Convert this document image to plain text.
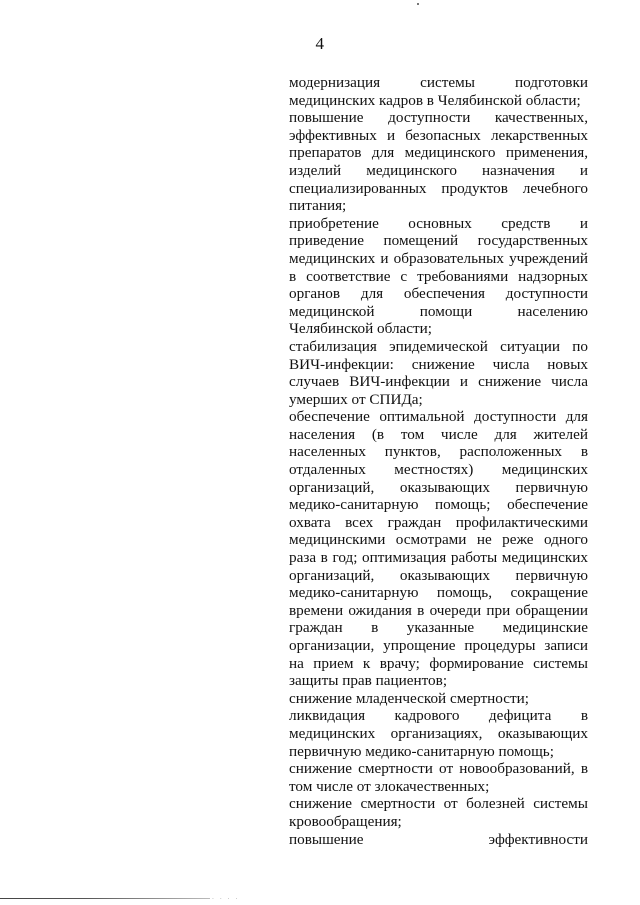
4

модернизация системы подготовки медицинских кадров в Челябинской области;

повышение доступности качественных, эффективных и безопасных лекарственных препаратов для медицинского применения, изделий медицинского назначения и специализированных продуктов лечебного питания;

приобретение основных средств и приведение помещений государственных медицинских и образовательных учреждений в соответствие с требованиями надзорных органов для обеспечения доступности медицинской помощи населению Челябинской области;

стабилизация эпидемической ситуации по ВИЧ-инфекции: снижение числа новых случаев ВИЧ-инфекции и снижение числа умерших от СПИДа;

обеспечение оптимальной доступности для населения (в том числе для жителей населенных пунктов, расположенных в отдаленных местностях) медицинских организаций, оказывающих первичную медико-санитарную помощь; обеспечение охвата всех граждан профилактическими медицинскими осмотрами не реже одного раза в год; оптимизация работы медицинских организаций, оказывающих первичную медико-санитарную помощь, сокращение времени ожидания в очереди при обращении граждан в указанные медицинские организации, упрощение процедуры записи на прием к врачу; формирование системы защиты прав пациентов;

снижение младенческой смертности;

ликвидация кадрового дефицита в медицинских организациях, оказывающих первичную медико-санитарную помощь;

снижение смертности от новообразований, в том числе от злокачественных;

снижение смертности от болезней системы кровообращения;

повышение эффективности

· · · ·
